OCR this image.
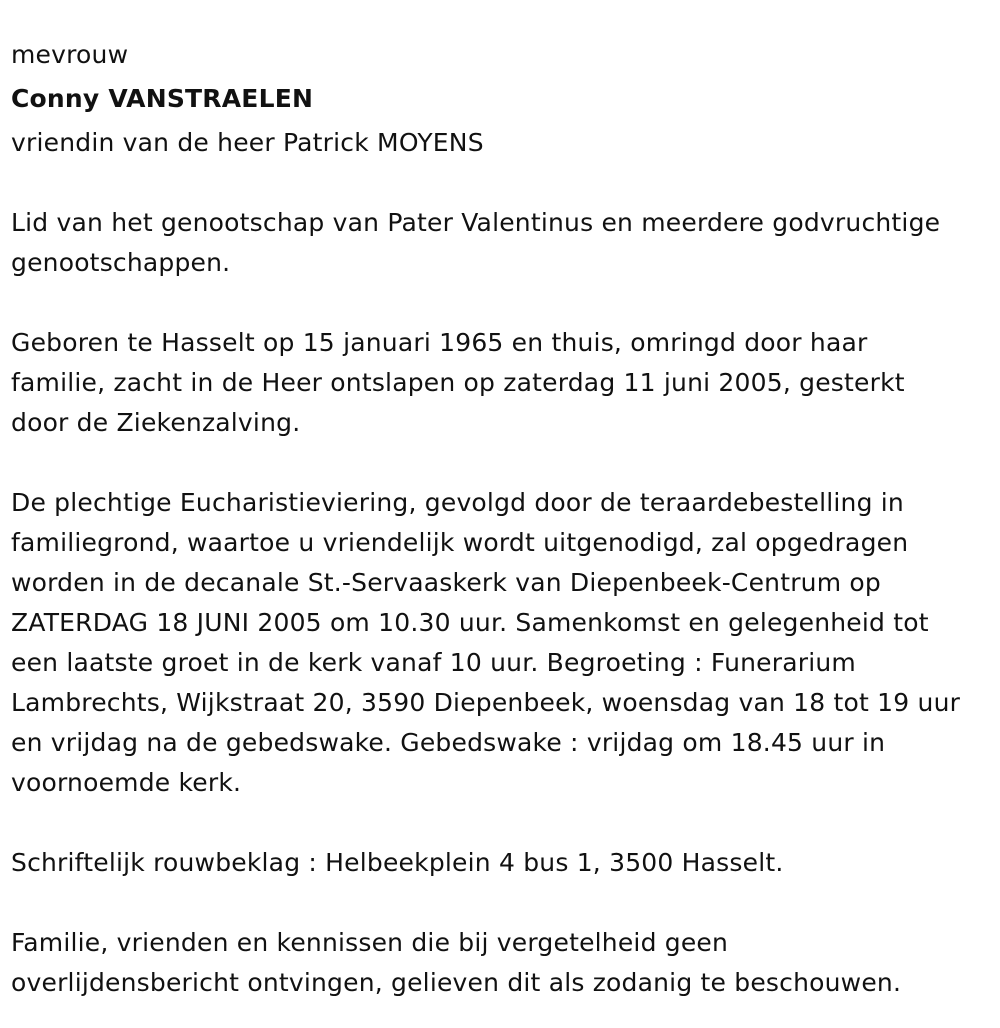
mevrouw
Conny VANSTRAELEN
vriendin van de heer Patrick MOYENS
Lid van het genootschap van Pater Valentinus en meerdere godvruchtige
genootschappen.
Geboren te Hasselt op 15 januari 1965 en thuis, omringd door haar
familie, zacht in de Heer ontslapen op zaterdag 11 juni 2005, gesterkt
door de Ziekenzalving.
De plechtige Eucharistieviering, gevolgd door de teraardebestelling in
familiegrond, waartoe u vriendelijk wordt uitgenodigd, zal opgedragen
worden in de decanale St.-Servaaskerk van Diepenbeek-Centrum op
ZATERDAG 18 JUNI 2005 om 10.30 uur. Samenkomst en gelegenheid tot
een laatste groet in de kerk vanaf 10 uur. Begroeting : Funerarium
Lambrechts, Wijkstraat 20, 3590 Diepenbeek, woensdag van 18 tot 19 uur
en vrijdag na de gebedswake. Gebedswake : vrijdag om 18.45 uur in
voornoemde kerk.
Schriftelijk rouwbeklag : Helbeekplein 4 bus 1, 3500 Hasselt.
Familie, vrienden en kennissen die bij vergetelheid geen
overlijdensbericht ontvingen, gelieven dit als zodanig te beschouwen.
